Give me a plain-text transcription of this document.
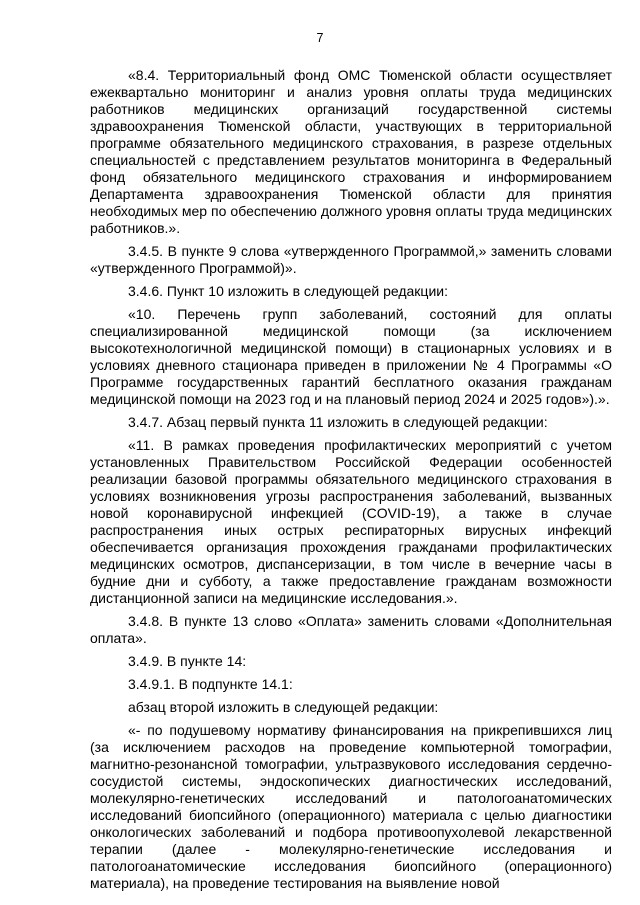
7

«8.4. Территориальный фонд ОМС Тюменской области осуществляет ежеквартально мониторинг и анализ уровня оплаты труда медицинских работников медицинских организаций государственной системы здравоохранения Тюменской области, участвующих в территориальной программе обязательного медицинского страхования, в разрезе отдельных специальностей с представлением результатов мониторинга в Федеральный фонд обязательного медицинского страхования и информированием Департамента здравоохранения Тюменской области для принятия необходимых мер по обеспечению должного уровня оплаты труда медицинских работников.».

3.4.5. В пункте 9 слова «утвержденного Программой,» заменить словами «утвержденного Программой)».

3.4.6. Пункт 10 изложить в следующей редакции:

«10. Перечень групп заболеваний, состояний для оплаты специализированной медицинской помощи (за исключением высокотехнологичной медицинской помощи) в стационарных условиях и в условиях дневного стационара приведен в приложении № 4 Программы «О Программе государственных гарантий бесплатного оказания гражданам медицинской помощи на 2023 год и на плановый период 2024 и 2025 годов»).».

3.4.7. Абзац первый пункта 11 изложить в следующей редакции:

«11. В рамках проведения профилактических мероприятий с учетом установленных Правительством Российской Федерации особенностей реализации базовой программы обязательного медицинского страхования в условиях возникновения угрозы распространения заболеваний, вызванных новой коронавирусной инфекцией (COVID-19), а также в случае распространения иных острых респираторных вирусных инфекций обеспечивается организация прохождения гражданами профилактических медицинских осмотров, диспансеризации, в том числе в вечерние часы в будние дни и субботу, а также предоставление гражданам возможности дистанционной записи на медицинские исследования.».

3.4.8. В пункте 13 слово «Оплата» заменить словами «Дополнительная оплата».

3.4.9. В пункте 14:

3.4.9.1. В подпункте 14.1:

абзац второй изложить в следующей редакции:

«- по подушевому нормативу финансирования на прикрепившихся лиц (за исключением расходов на проведение компьютерной томографии, магнитно-резонансной томографии, ультразвукового исследования сердечно-сосудистой системы, эндоскопических диагностических исследований, молекулярно-генетических исследований и патологоанатомических исследований биопсийного (операционного) материала с целью диагностики онкологических заболеваний и подбора противоопухолевой лекарственной терапии (далее - молекулярно-генетические исследования и патологоанатомические исследования биопсийного (операционного) материала), на проведение тестирования на выявление новой
